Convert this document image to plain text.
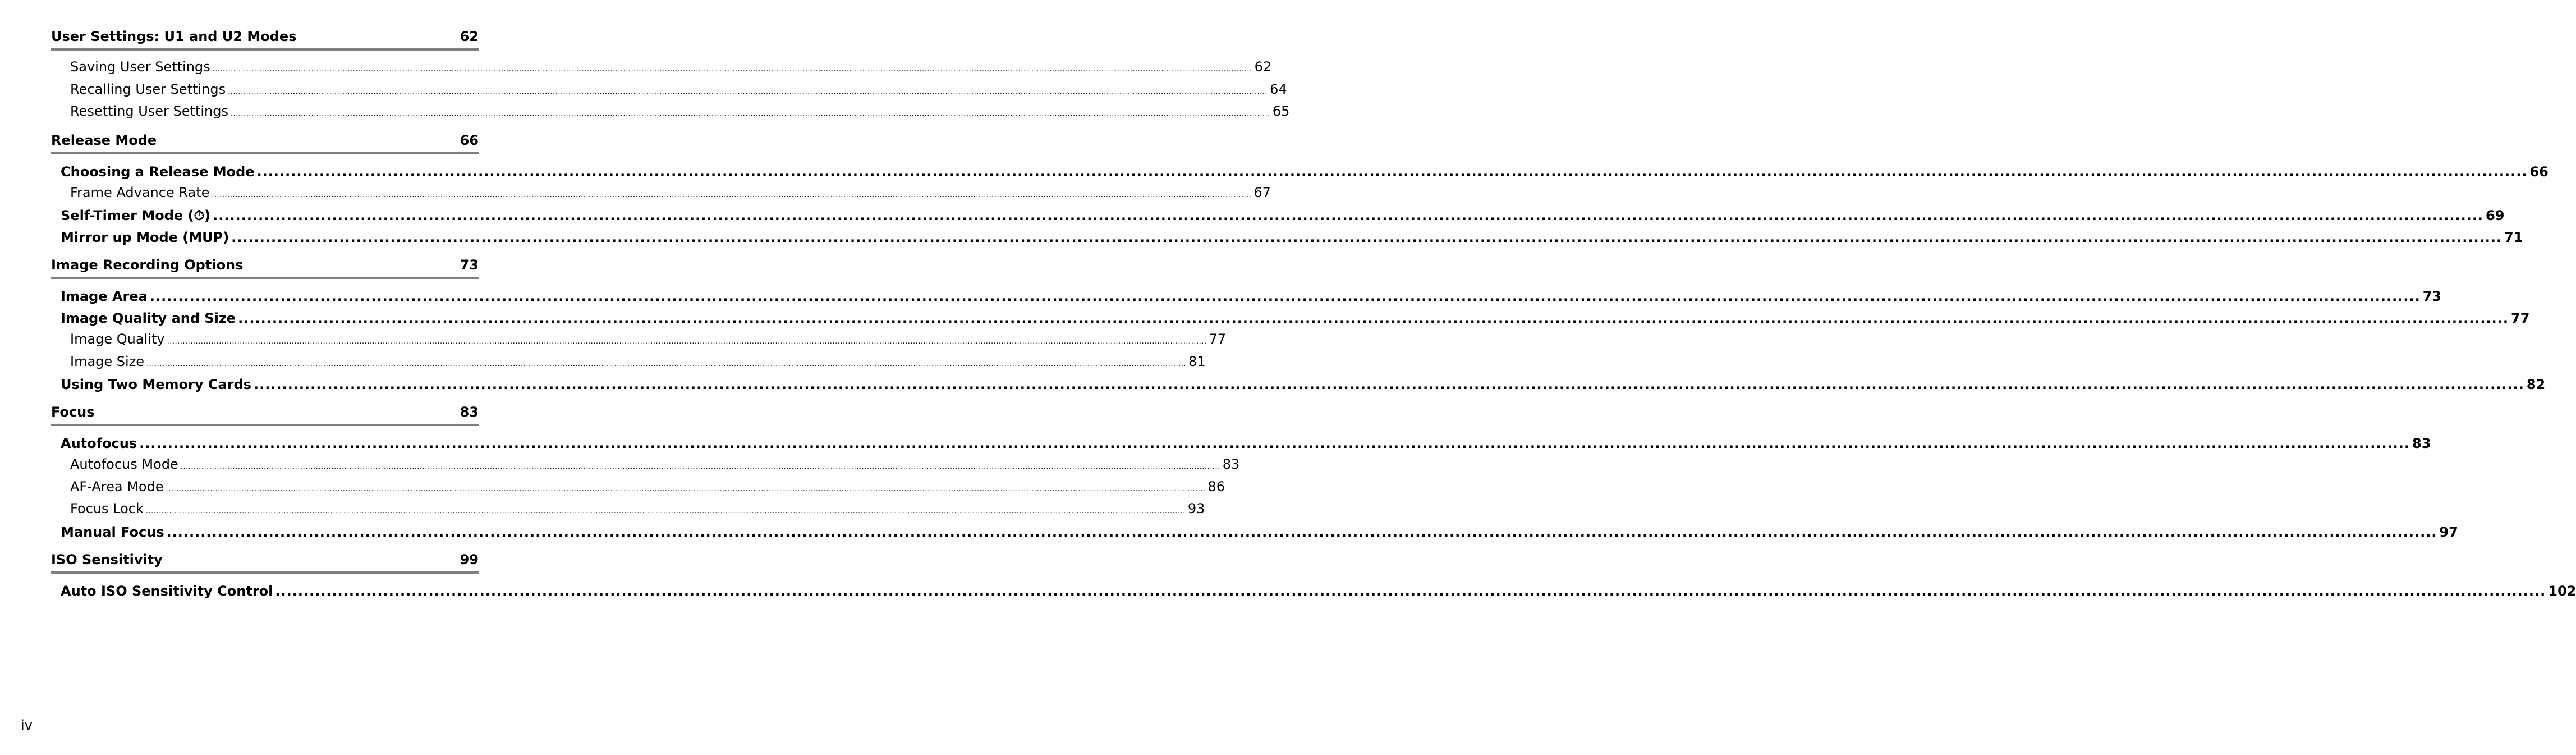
User Settings: U1 and U2 Modes	62
Saving User Settings ................................................................................................................................................................................................................................................................................................................................................................................................................ 62
Recalling User Settings ................................................................................................................................................................................................................................................................................................................................................................................................................ 64
Resetting User Settings ................................................................................................................................................................................................................................................................................................................................................................................................................ 65
Release Mode	66
Choosing a Release Mode ................................................................................................................................................................................................................................................................................................................................................................................................................ 66
Frame Advance Rate ................................................................................................................................................................................................................................................................................................................................................................................................................ 67
Self-Timer Mode (⏱) ................................................................................................................................................................................................................................................................................................................................................................................................................ 69
Mirror up Mode (MUP) ................................................................................................................................................................................................................................................................................................................................................................................................................ 71
Image Recording Options	73
Image Area ................................................................................................................................................................................................................................................................................................................................................................................................................ 73
Image Quality and Size ................................................................................................................................................................................................................................................................................................................................................................................................................ 77
Image Quality ................................................................................................................................................................................................................................................................................................................................................................................................................ 77
Image Size ................................................................................................................................................................................................................................................................................................................................................................................................................ 81
Using Two Memory Cards ................................................................................................................................................................................................................................................................................................................................................................................................................ 82
Focus	83
Autofocus ................................................................................................................................................................................................................................................................................................................................................................................................................ 83
Autofocus Mode ................................................................................................................................................................................................................................................................................................................................................................................................................ 83
AF-Area Mode ................................................................................................................................................................................................................................................................................................................................................................................................................ 86
Focus Lock ................................................................................................................................................................................................................................................................................................................................................................................................................ 93
Manual Focus ................................................................................................................................................................................................................................................................................................................................................................................................................ 97
ISO Sensitivity	99
Auto ISO Sensitivity Control ................................................................................................................................................................................................................................................................................................................................................................................................................ 102
iv
